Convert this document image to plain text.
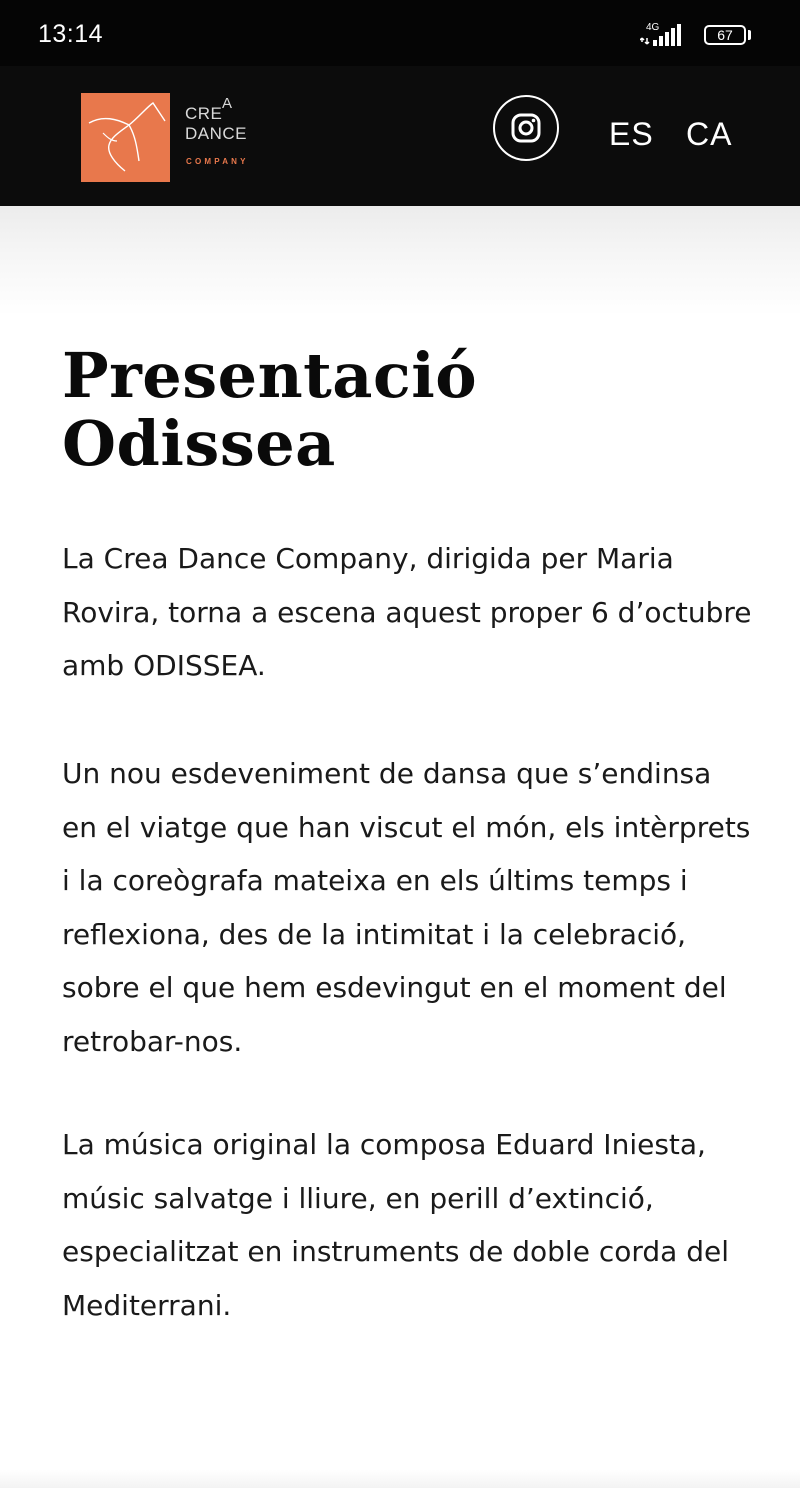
13:14	4G	67
CRE
A
DANCE
COMPANY
ES CA
Presentació Odissea

La Crea Dance Company, dirigida per Maria Rovira, torna a escena aquest proper 6 d’octubre amb ODISSEA.

Un nou esdeveniment de dansa que s’endinsa en el viatge que han viscut el món, els intèrprets i la coreògrafa mateixa en els últims temps i reflexiona, des de la intimitat i la celebració́, sobre el que hem esdevingut en el moment del retrobar-nos.

La música original la composa Eduard Iniesta, músic salvatge i lliure, en perill d’extinció́, especialitzat en instruments de doble corda del Mediterrani.
